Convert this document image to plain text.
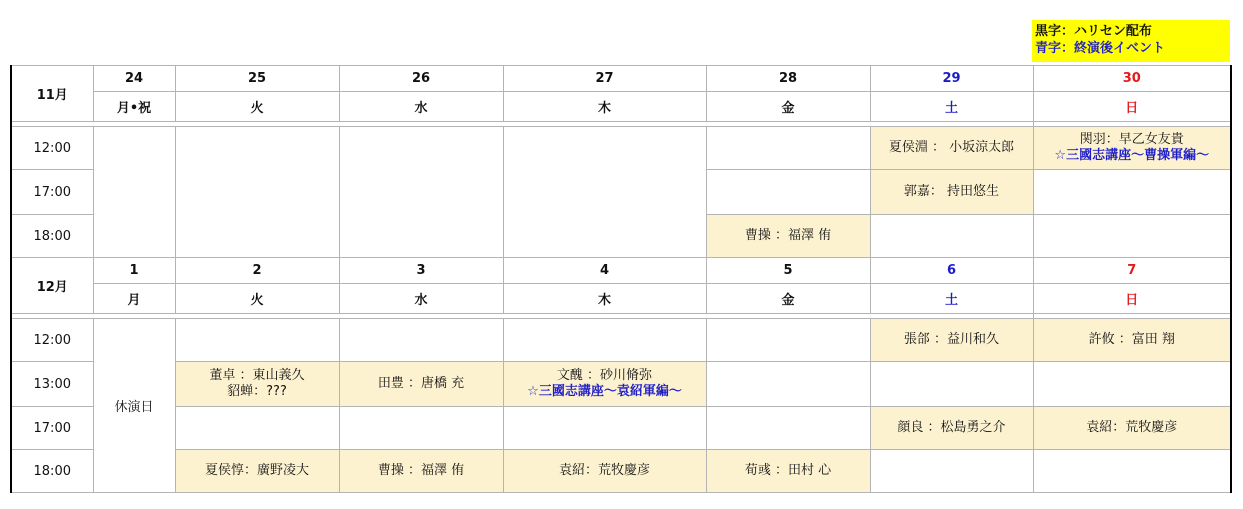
黒字：ハリセン配布
青字：終演後イベント
11月	24	25	26	27	28	29	30
	月•祝	火	水	木	金	土	日

12:00						夏侯淵 ： 小坂涼太郎	関羽：早乙女友貴
☆三國志講座〜曹操軍編〜

17:00						郭嘉： 持田悠生	
18:00					曹操 ：福澤 侑		
12月	1	2	3	4	5	6	7
	月	火	水	木	金	土	日

12:00	休演日					張郃 ：益川和久	許攸 ：富田 翔
13:00		董卓 ：東山義久
貂蝉：???	田豊 ：唐橋 充	文醜 ：砂川脩弥
☆三國志講座〜袁紹軍編〜			

17:00						顔良 ：松島勇之介	袁紹：荒牧慶彦
18:00		夏侯惇：廣野凌大	曹操 ：福澤 侑	袁紹：荒牧慶彦	荀彧 ：田村 心		
